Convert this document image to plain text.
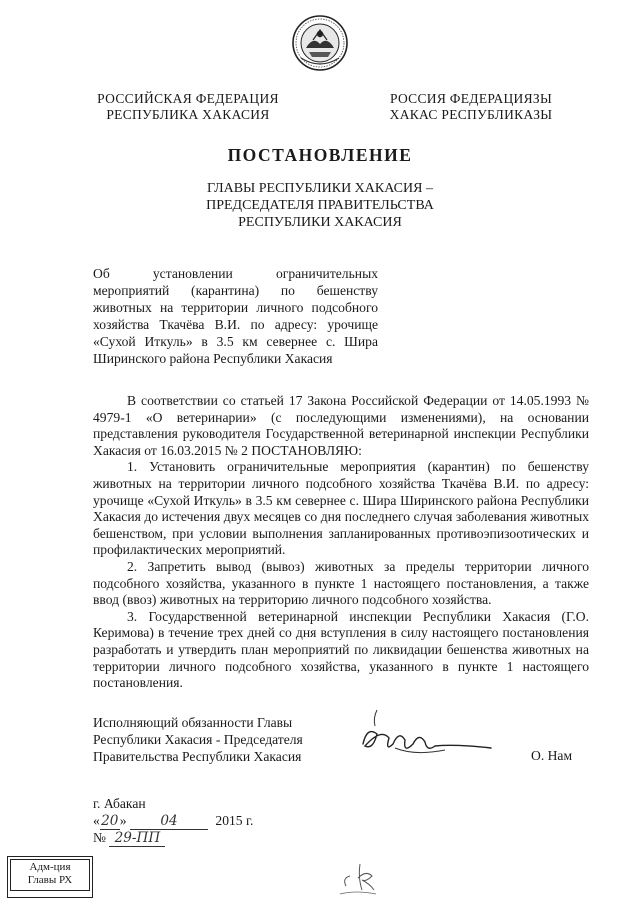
РОССИЙСКАЯ ФЕДЕРАЦИЯ
РЕСПУБЛИКА ХАКАСИЯ
РОССИЯ ФЕДЕРАЦИЯЗЫ
ХАКАС РЕСПУБЛИКАЗЫ
ПОСТАНОВЛЕНИЕ
ГЛАВЫ РЕСПУБЛИКИ ХАКАСИЯ –
ПРЕДСЕДАТЕЛЯ ПРАВИТЕЛЬСТВА
РЕСПУБЛИКИ ХАКАСИЯ
Об установлении ограничительных
мероприятий (карантина) по бешенству
животных на территории личного подсобного
хозяйства Ткачёва В.И. по адресу: урочище
«Сухой Иткуль» в 3.5 км севернее с. Шира
Ширинского района Республики Хакасия

В соответствии со статьей 17 Закона Российской Федерации от 14.05.1993 № 4979-1 «О ветеринарии» (с последующими изменениями), на основании представления руководителя Государственной ветеринарной инспекции Республики Хакасия от 16.03.2015 № 2 ПОСТАНОВЛЯЮ:

1. Установить ограничительные мероприятия (карантин) по бешенству животных на территории личного подсобного хозяйства Ткачёва В.И. по адресу: урочище «Сухой Иткуль» в 3.5 км севернее с. Шира Ширинского района Республики Хакасия до истечения двух месяцев со дня последнего случая заболевания животных бешенством, при условии выполнения запланированных противоэпизоотических и профилактических мероприятий.

2. Запретить вывод (вывоз) животных за пределы территории личного подсобного хозяйства, указанного в пункте 1 настоящего постановления, а также ввод (ввоз) животных на территорию личного подсобного хозяйства.

3. Государственной ветеринарной инспекции Республики Хакасия (Г.О. Керимова) в течение трех дней со дня вступления в силу настоящего постановления разработать и утвердить план мероприятий по ликвидации бешенства животных на территории личного подсобного хозяйства, указанного в пункте 1 настоящего постановления.

Исполняющий обязанности Главы
Республики Хакасия - Председателя
Правительства Республики Хакасия	О. Нам
г. Абакан
«20» 04	2015 г.
№ 29-ПП
Адм-ция
Главы РХ
